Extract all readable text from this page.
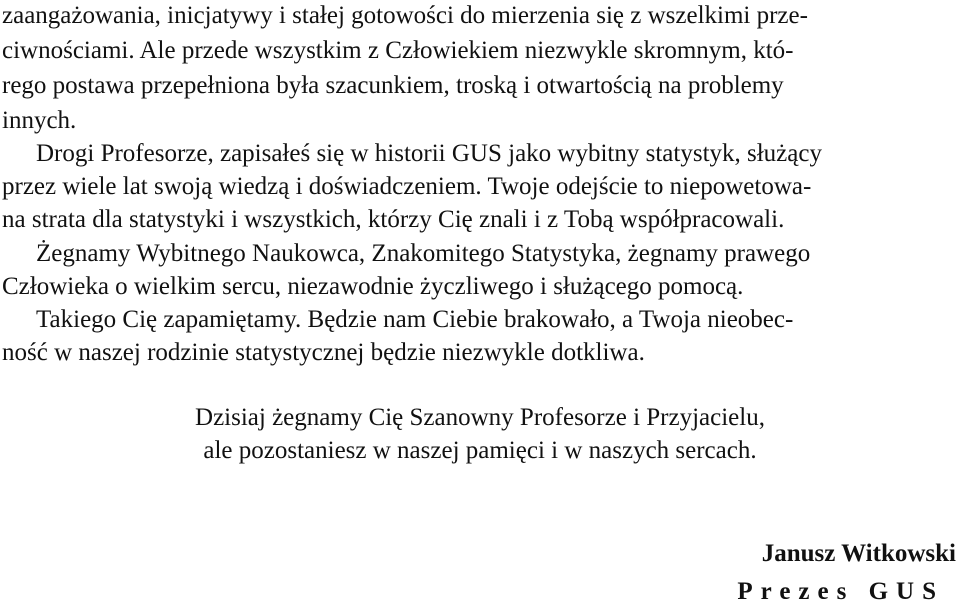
zaangażowania, inicjatywy i stałej gotowości do mierzenia się z wszelkimi prze-
ciwnościami. Ale przede wszystkim z Człowiekiem niezwykle skromnym, któ-
rego postawa przepełniona była szacunkiem, troską i otwartością na problemy
innych.
Drogi Profesorze, zapisałeś się w historii GUS jako wybitny statystyk, służący
przez wiele lat swoją wiedzą i doświadczeniem. Twoje odejście to niepowetowa-
na strata dla statystyki i wszystkich, którzy Cię znali i z Tobą współpracowali.
Żegnamy Wybitnego Naukowca, Znakomitego Statystyka, żegnamy prawego
Człowieka o wielkim sercu, niezawodnie życzliwego i służącego pomocą.
Takiego Cię zapamiętamy. Będzie nam Ciebie brakowało, a Twoja nieobec-
ność w naszej rodzinie statystycznej będzie niezwykle dotkliwa.
Dzisiaj żegnamy Cię Szanowny Profesorze i Przyjacielu,
ale pozostaniesz w naszej pamięci i w naszych sercach.
Janusz Witkowski
Prezes GUS
